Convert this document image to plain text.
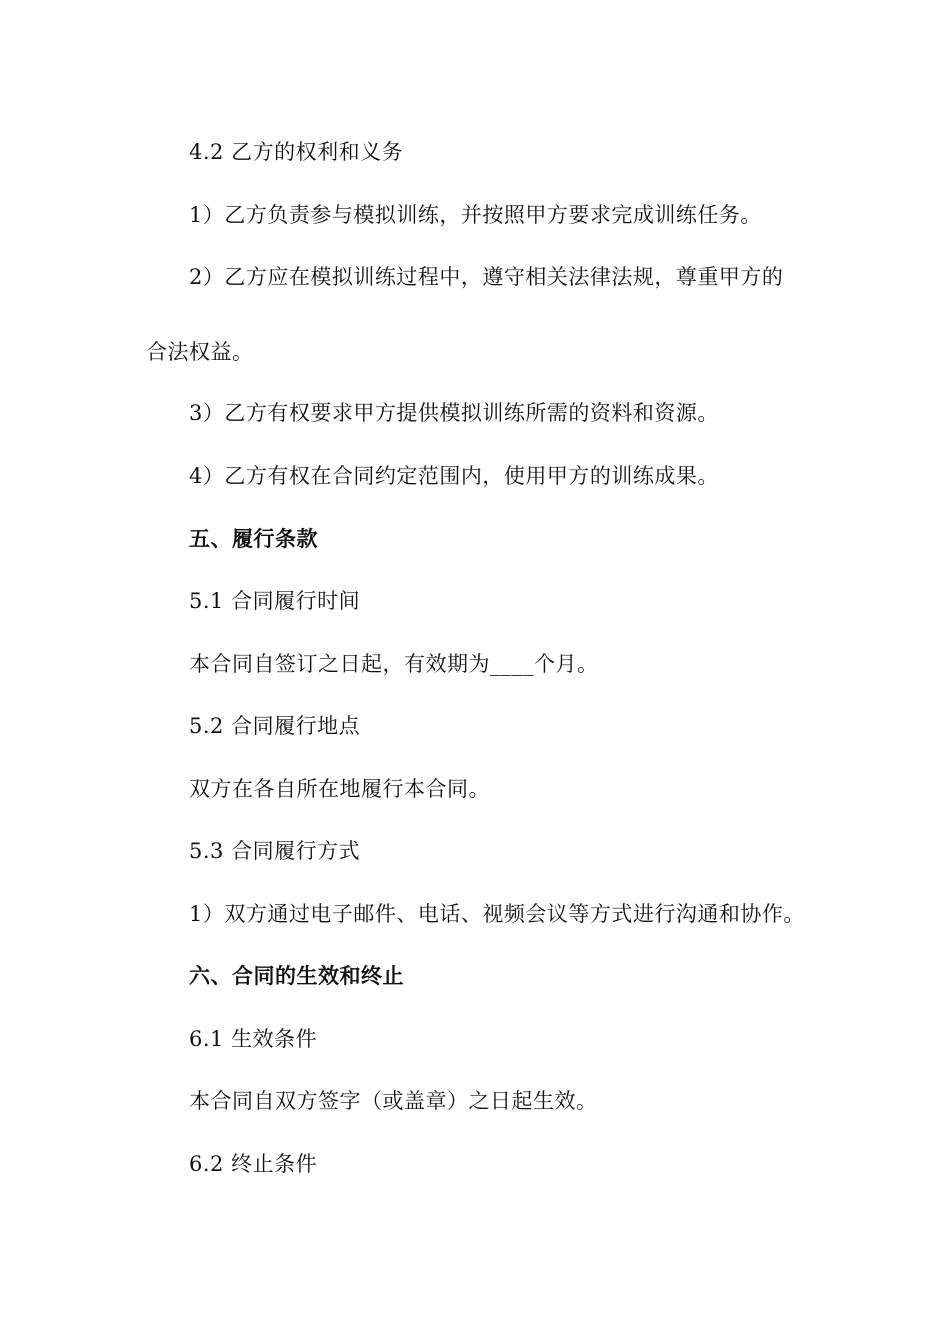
4.2 乙方的权利和义务
1）乙方负责参与模拟训练，并按照甲方要求完成训练任务。
2）乙方应在模拟训练过程中，遵守相关法律法规，尊重甲方的
合法权益。
3）乙方有权要求甲方提供模拟训练所需的资料和资源。
4）乙方有权在合同约定范围内，使用甲方的训练成果。
五、履行条款
5.1 合同履行时间
本合同自签订之日起，有效期为____个月。
5.2 合同履行地点
双方在各自所在地履行本合同。
5.3 合同履行方式
1）双方通过电子邮件、电话、视频会议等方式进行沟通和协作。
六、合同的生效和终止
6.1 生效条件
本合同自双方签字（或盖章）之日起生效。
6.2 终止条件
